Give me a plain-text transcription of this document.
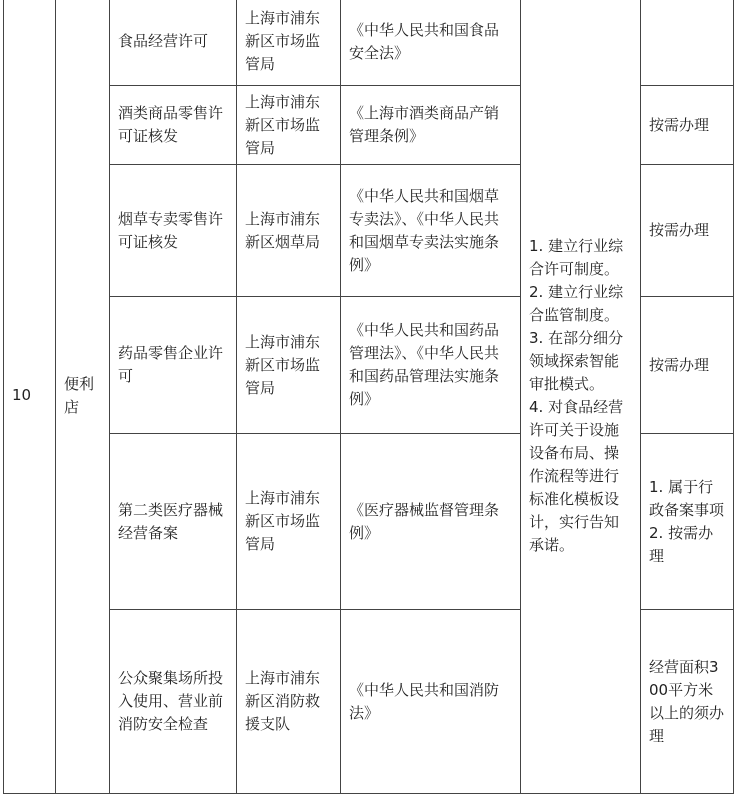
10	便利店	食品经营许可	上海市浦东新区市场监管局	《中华人民共和国食品安全法》	1. 建立行业综合许可制度。
2. 建立行业综合监管制度。
3. 在部分细分领域探索智能审批模式。
4. 对食品经营许可关于设施设备布局、操作流程等进行标准化模板设计，实行告知承诺。	
		酒类商品零售许可证核发	上海市浦东新区市场监管局	《上海市酒类商品产销管理条例》		按需办理
		烟草专卖零售许可证核发	上海市浦东新区烟草局	《中华人民共和国烟草专卖法》、《中华人民共和国烟草专卖法实施条例》		按需办理
		药品零售企业许可	上海市浦东新区市场监管局	《中华人民共和国药品管理法》、《中华人民共和国药品管理法实施条例》		按需办理
		第二类医疗器械经营备案	上海市浦东新区市场监管局	《医疗器械监督管理条例》		1. 属于行政备案事项
2. 按需办理
		公众聚集场所投入使用、营业前消防安全检查	上海市浦东新区消防救援支队	《中华人民共和国消防法》		经营面积300平方米以上的须办理
